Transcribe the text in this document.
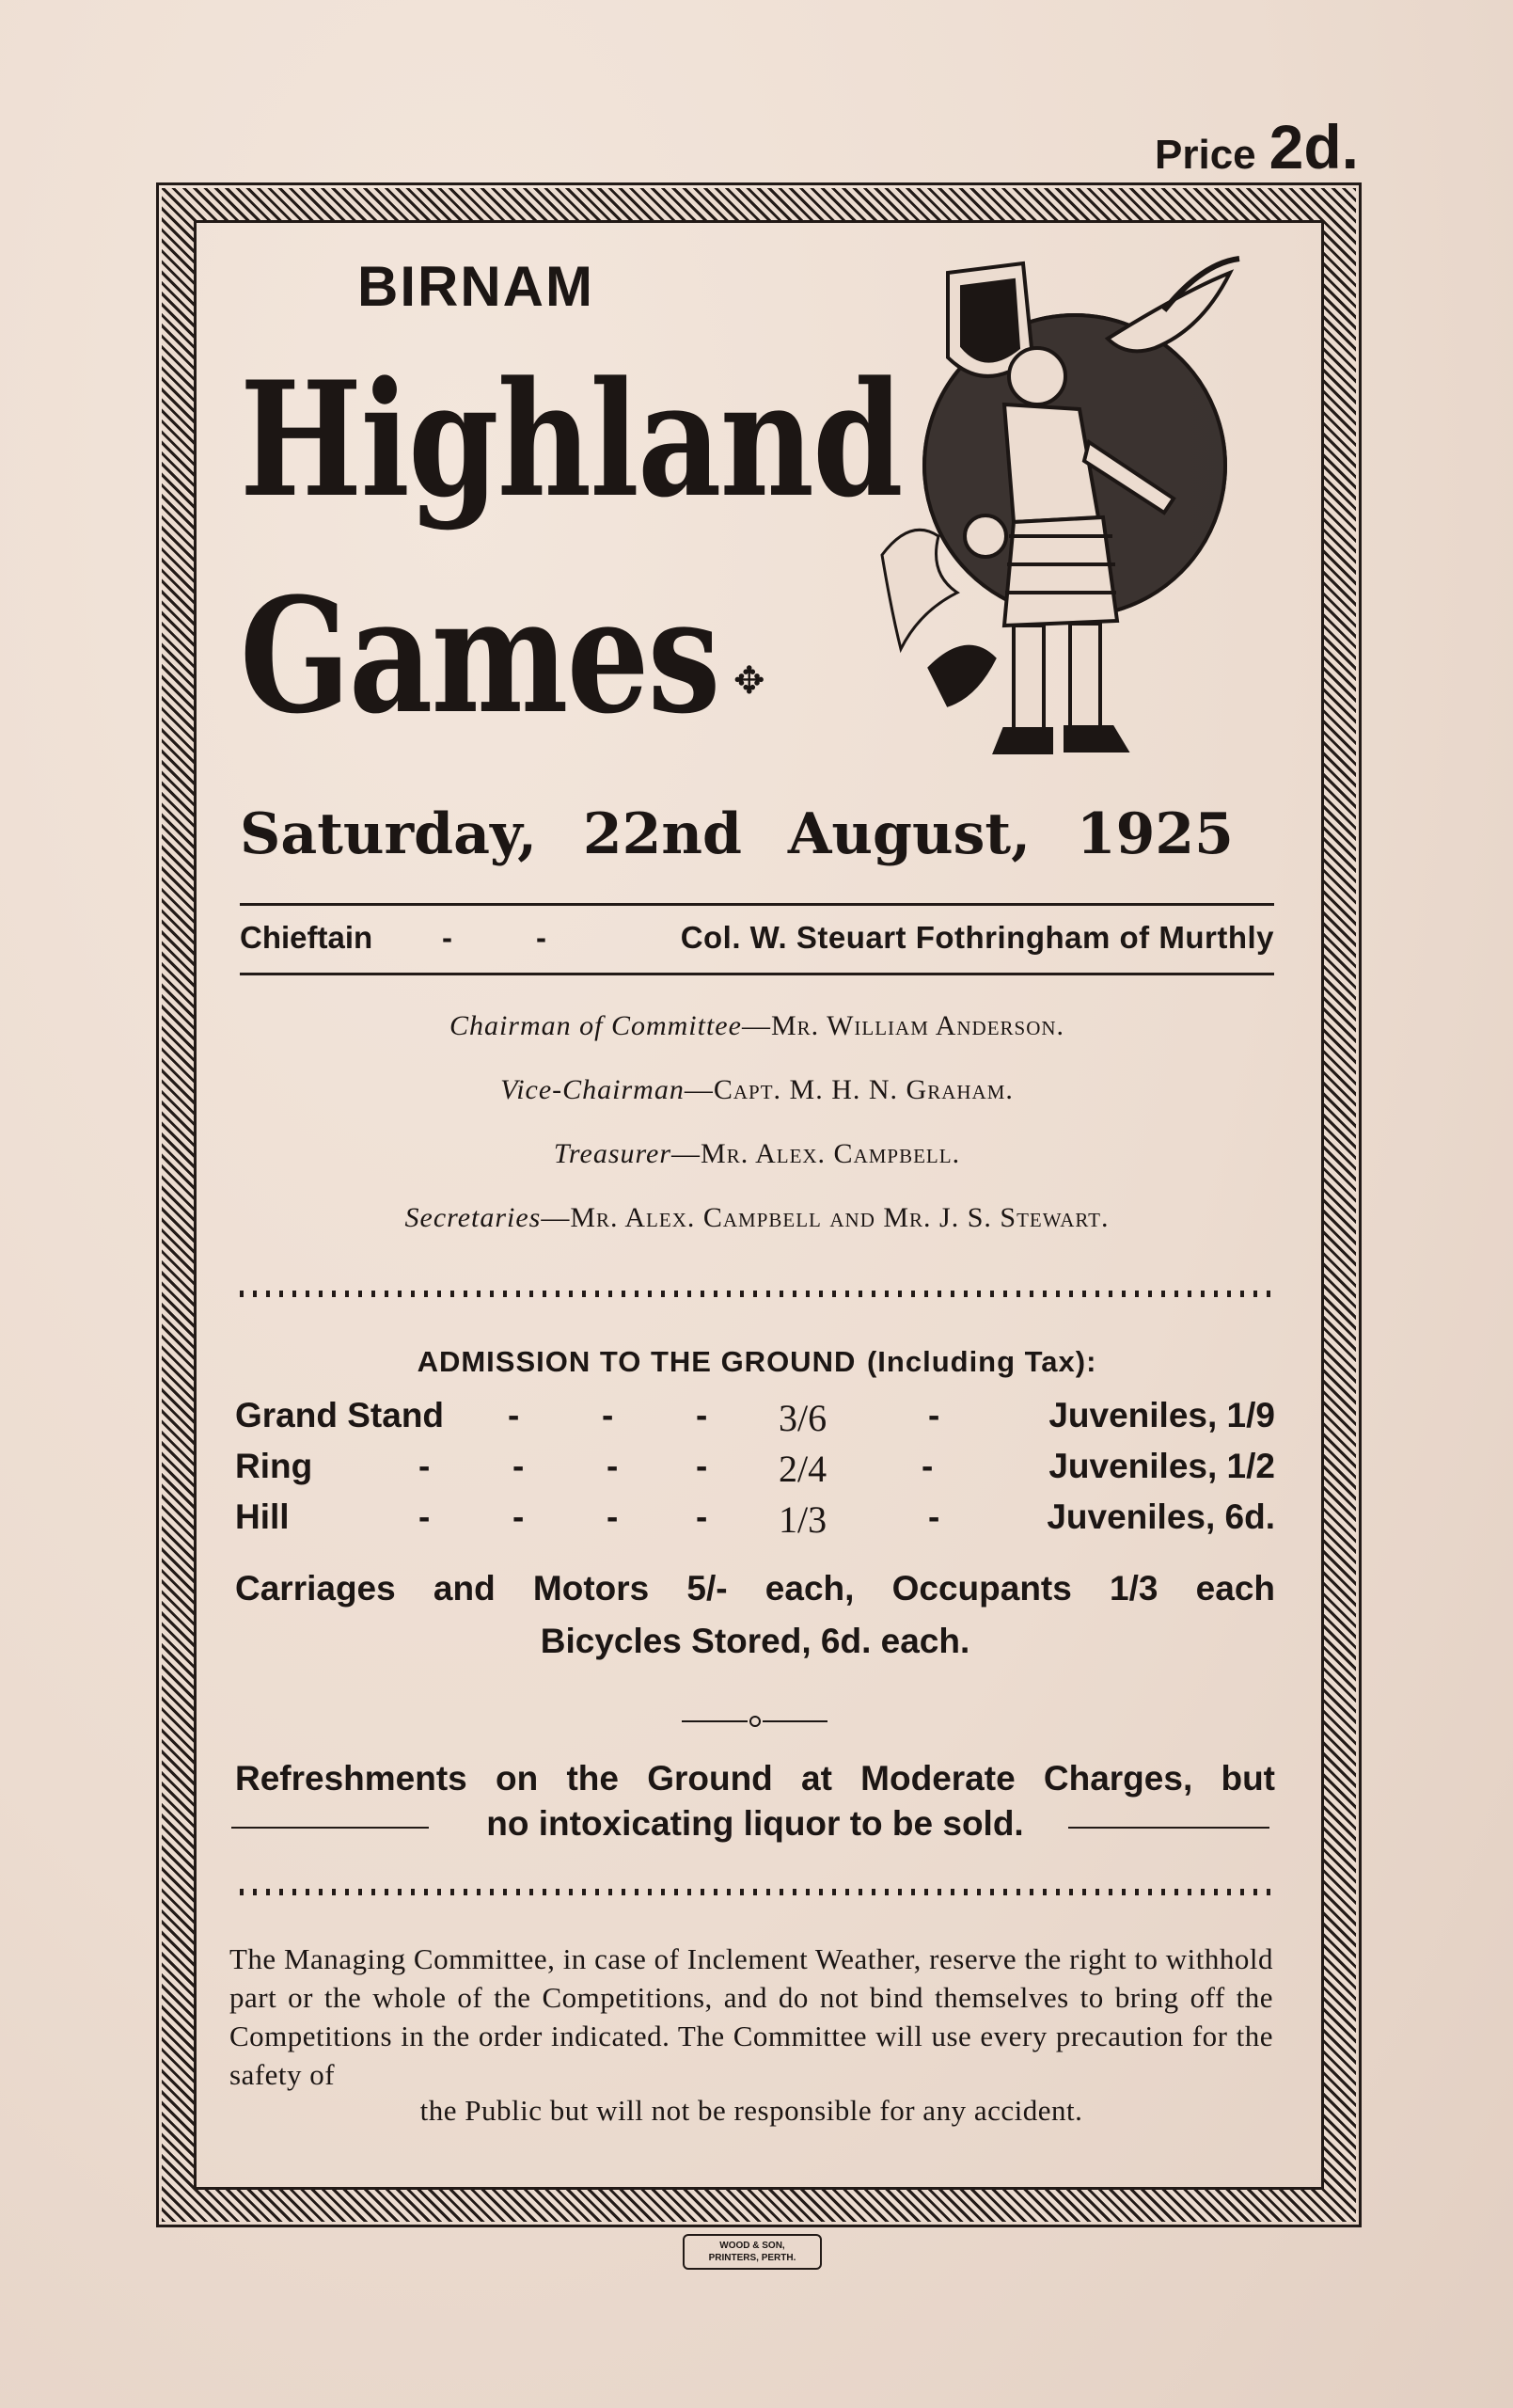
Price 2d.
BIRNAM
Highland
Games ✥
Saturday, 22nd August, 1925
Chieftain -	-	Col. W. Steuart Fothringham of Murthly
Chairman of Committee—Mr. William Anderson.
Vice-Chairman—Capt. M. H. N. Graham.
Treasurer—Mr. Alex. Campbell.
Secretaries—Mr. Alex. Campbell and Mr. J. S. Stewart.
ADMISSION TO THE GROUND (Including Tax):
Grand Stand - - - 3/6	-	Juveniles, 1/9
Ring	- - - - 2/4	-	Juveniles, 1/2
Hill	- - - - 1/3	-	Juveniles, 6d.
Carriages and Motors 5/- each, Occupants 1/3 each
Bicycles Stored, 6d. each.
Refreshments on the Ground at Moderate Charges, but
no intoxicating liquor to be sold.
The Managing Committee, in case of Inclement Weather, reserve the right to withhold part or the whole of the Competitions, and do not bind themselves to bring off the Competitions in the order indicated. The Committee will use every precaution for the safety of
the Public but will not be responsible for any accident.
WOOD & SON,
PRINTERS, PERTH.
